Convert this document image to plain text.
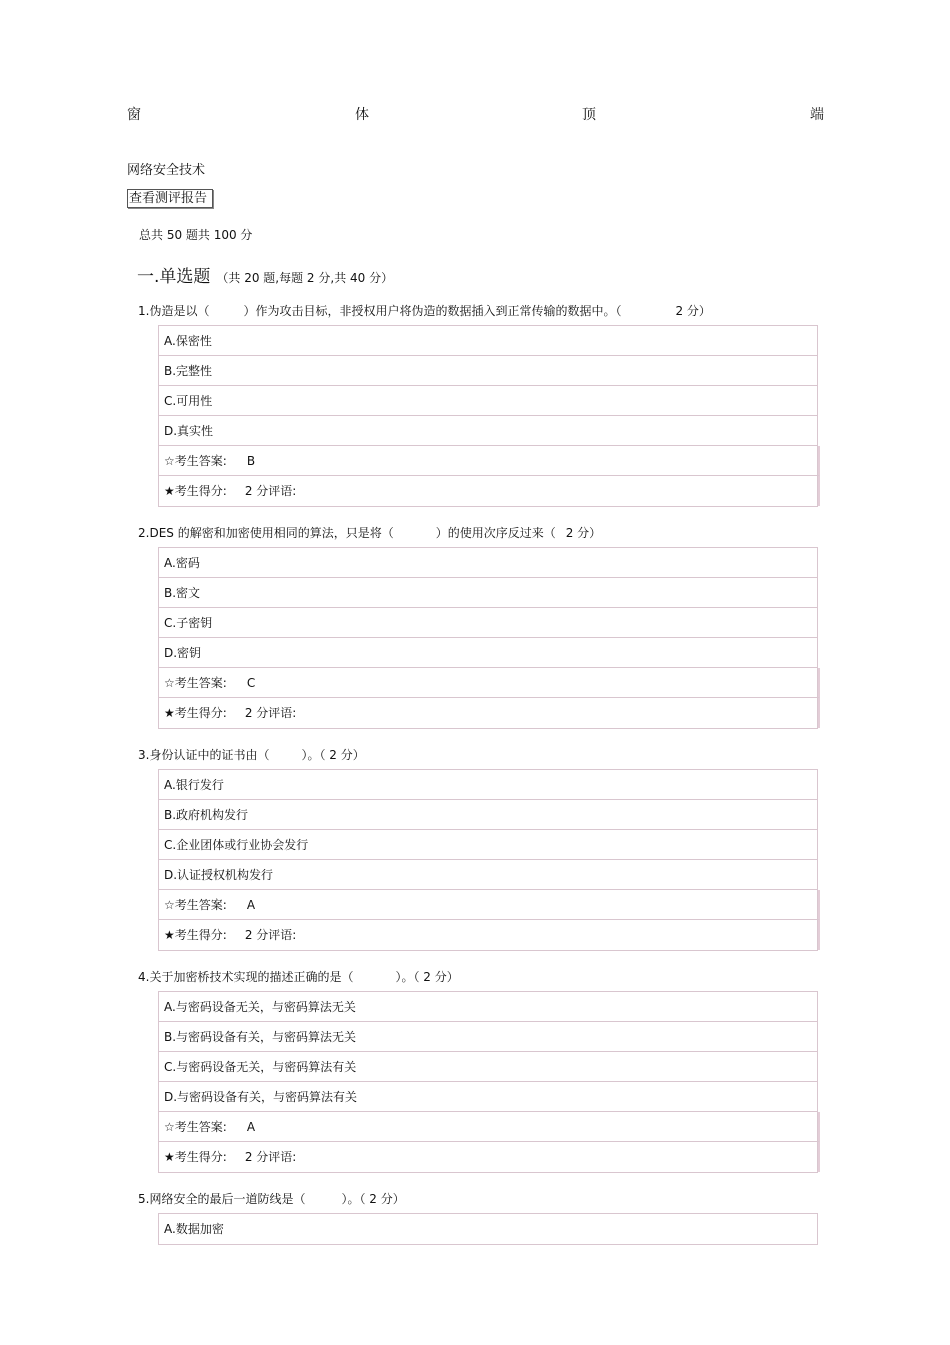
窗	体	顶	端
网络安全技术
查看测评报告
总共 50 题共 100 分
一.单选题 （共 20 题,每题 2 分,共 40 分）
1.伪造是以（	）作为攻击目标，非授权用户将伪造的数据插入到正常传输的数据中。（	2 分）
A.保密性
B.完整性
C.可用性
D.真实性
☆考生答案: B
★考生得分: 2 分评语:
2.DES 的解密和加密使用相同的算法，只是将（	）的使用次序反过来（ 2 分）
A.密码
B.密文
C.子密钥
D.密钥
☆考生答案: C
★考生得分: 2 分评语:
3.身份认证中的证书由（	）。（ 2 分）
A.银行发行
B.政府机构发行
C.企业团体或行业协会发行
D.认证授权机构发行
☆考生答案: A
★考生得分: 2 分评语:
4.关于加密桥技术实现的描述正确的是（	）。（ 2 分）
A.与密码设备无关，与密码算法无关
B.与密码设备有关，与密码算法无关
C.与密码设备无关，与密码算法有关
D.与密码设备有关，与密码算法有关
☆考生答案: A
★考生得分: 2 分评语:
5.网络安全的最后一道防线是（	）。（ 2 分）
A.数据加密
